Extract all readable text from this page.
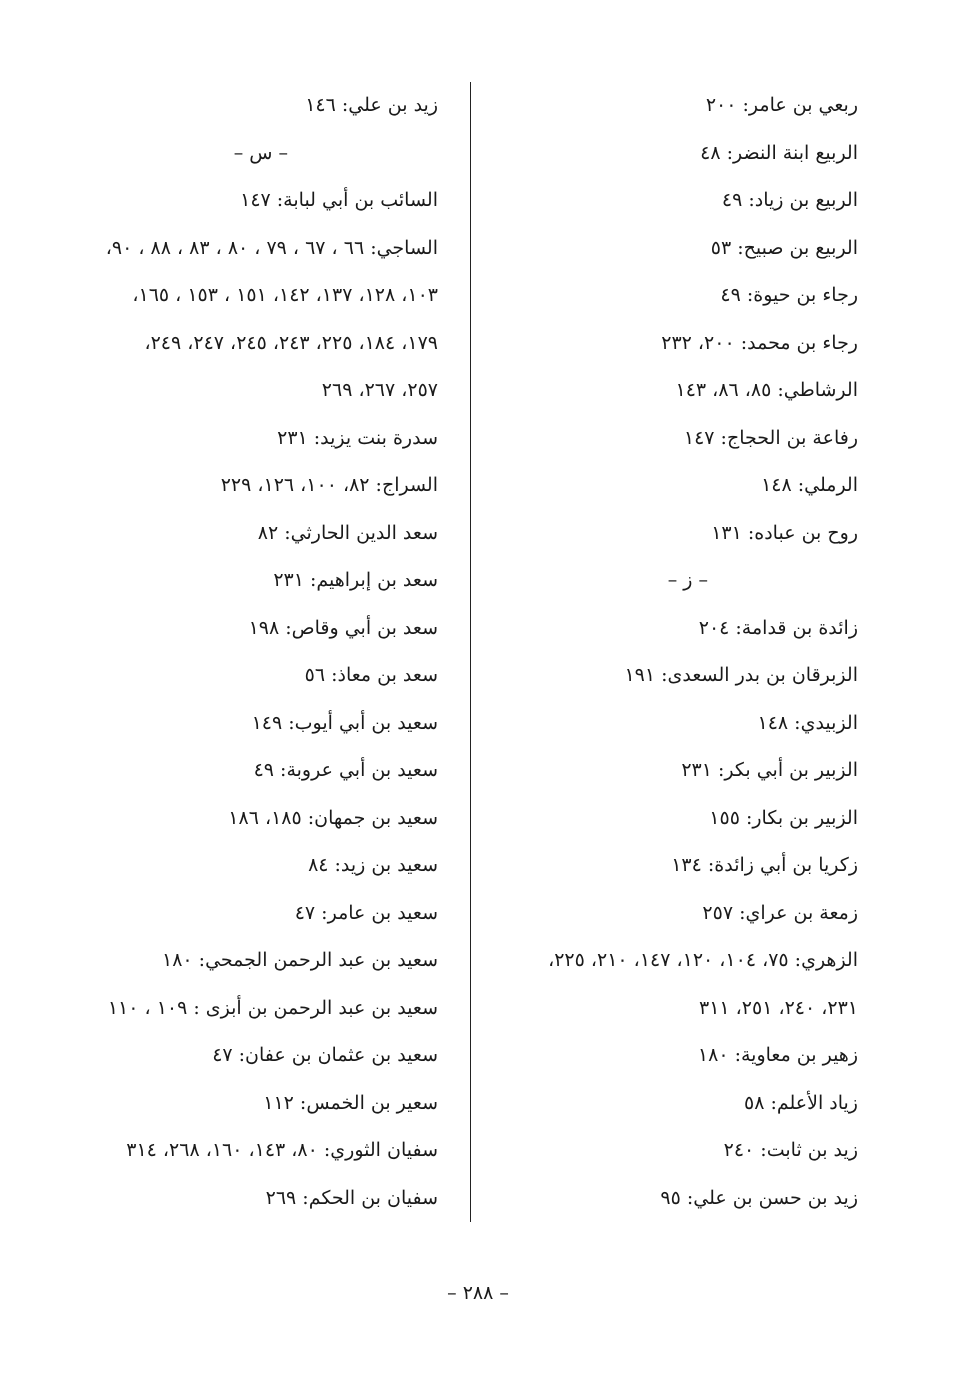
ربعي بن عامر: ٢٠٠
الربيع ابنة النضر: ٤٨
الربيع بن زياد: ٤٩
الربيع بن صبيح: ٥٣
رجاء بن حيوة: ٤٩
رجاء بن محمد: ٢٠٠، ٢٣٢
الرشاطي: ٨٥، ٨٦، ١٤٣
رفاعة بن الحجاج: ١٤٧
الرملي: ١٤٨
روح بن عباده: ١٣١
– ز –
زائدة بن قدامة: ٢٠٤
الزبرقان بن بدر السعدى: ١٩١
الزبيدي: ١٤٨
الزبير بن أبي بكر: ٢٣١
الزبير بن بكار: ١٥٥
زكريا بن أبي زائدة: ١٣٤
زمعة بن عراي: ٢٥٧
الزهري: ٧٥، ١٠٤، ١٢٠، ١٤٧، ٢١٠، ٢٢٥،
٢٣١، ٢٤٠، ٢٥١، ٣١١
زهير بن معاوية: ١٨٠
زياد الأعلم: ٥٨
زيد بن ثابت: ٢٤٠
زيد بن حسن بن علي: ٩٥
زيد بن علي: ١٤٦
– س –
السائب بن أبي لبابة: ١٤٧
الساجي: ٦٦ ، ٦٧ ، ٧٩ ، ٨٠ ، ٨٣ ، ٨٨ ، ٩٠،
١٠٣، ١٢٨، ١٣٧، ١٤٢، ١٥١ ، ١٥٣ ، ١٦٥،
١٧٩، ١٨٤، ٢٢٥، ٢٤٣، ٢٤٥، ٢٤٧، ٢٤٩،
٢٥٧، ٢٦٧، ٢٦٩
سدرة بنت يزيد: ٢٣١
السراج: ٨٢، ١٠٠، ١٢٦، ٢٢٩
سعد الدين الحارثي: ٨٢
سعد بن إبراهيم: ٢٣١
سعد بن أبي وقاص: ١٩٨
سعد بن معاذ: ٥٦
سعيد بن أبي أيوب: ١٤٩
سعيد بن أبي عروبة: ٤٩
سعيد بن جمهان: ١٨٥، ١٨٦
سعيد بن زيد: ٨٤
سعيد بن عامر: ٤٧
سعيد بن عبد الرحمن الجمحي: ١٨٠
سعيد بن عبد الرحمن بن أبزى : ١٠٩ ، ١١٠
سعيد بن عثمان بن عفان: ٤٧
سعير بن الخمس: ١١٢
سفيان الثوري: ٨٠، ١٤٣، ١٦٠، ٢٦٨، ٣١٤
سفيان بن الحكم: ٢٦٩
– ٢٨٨ –
